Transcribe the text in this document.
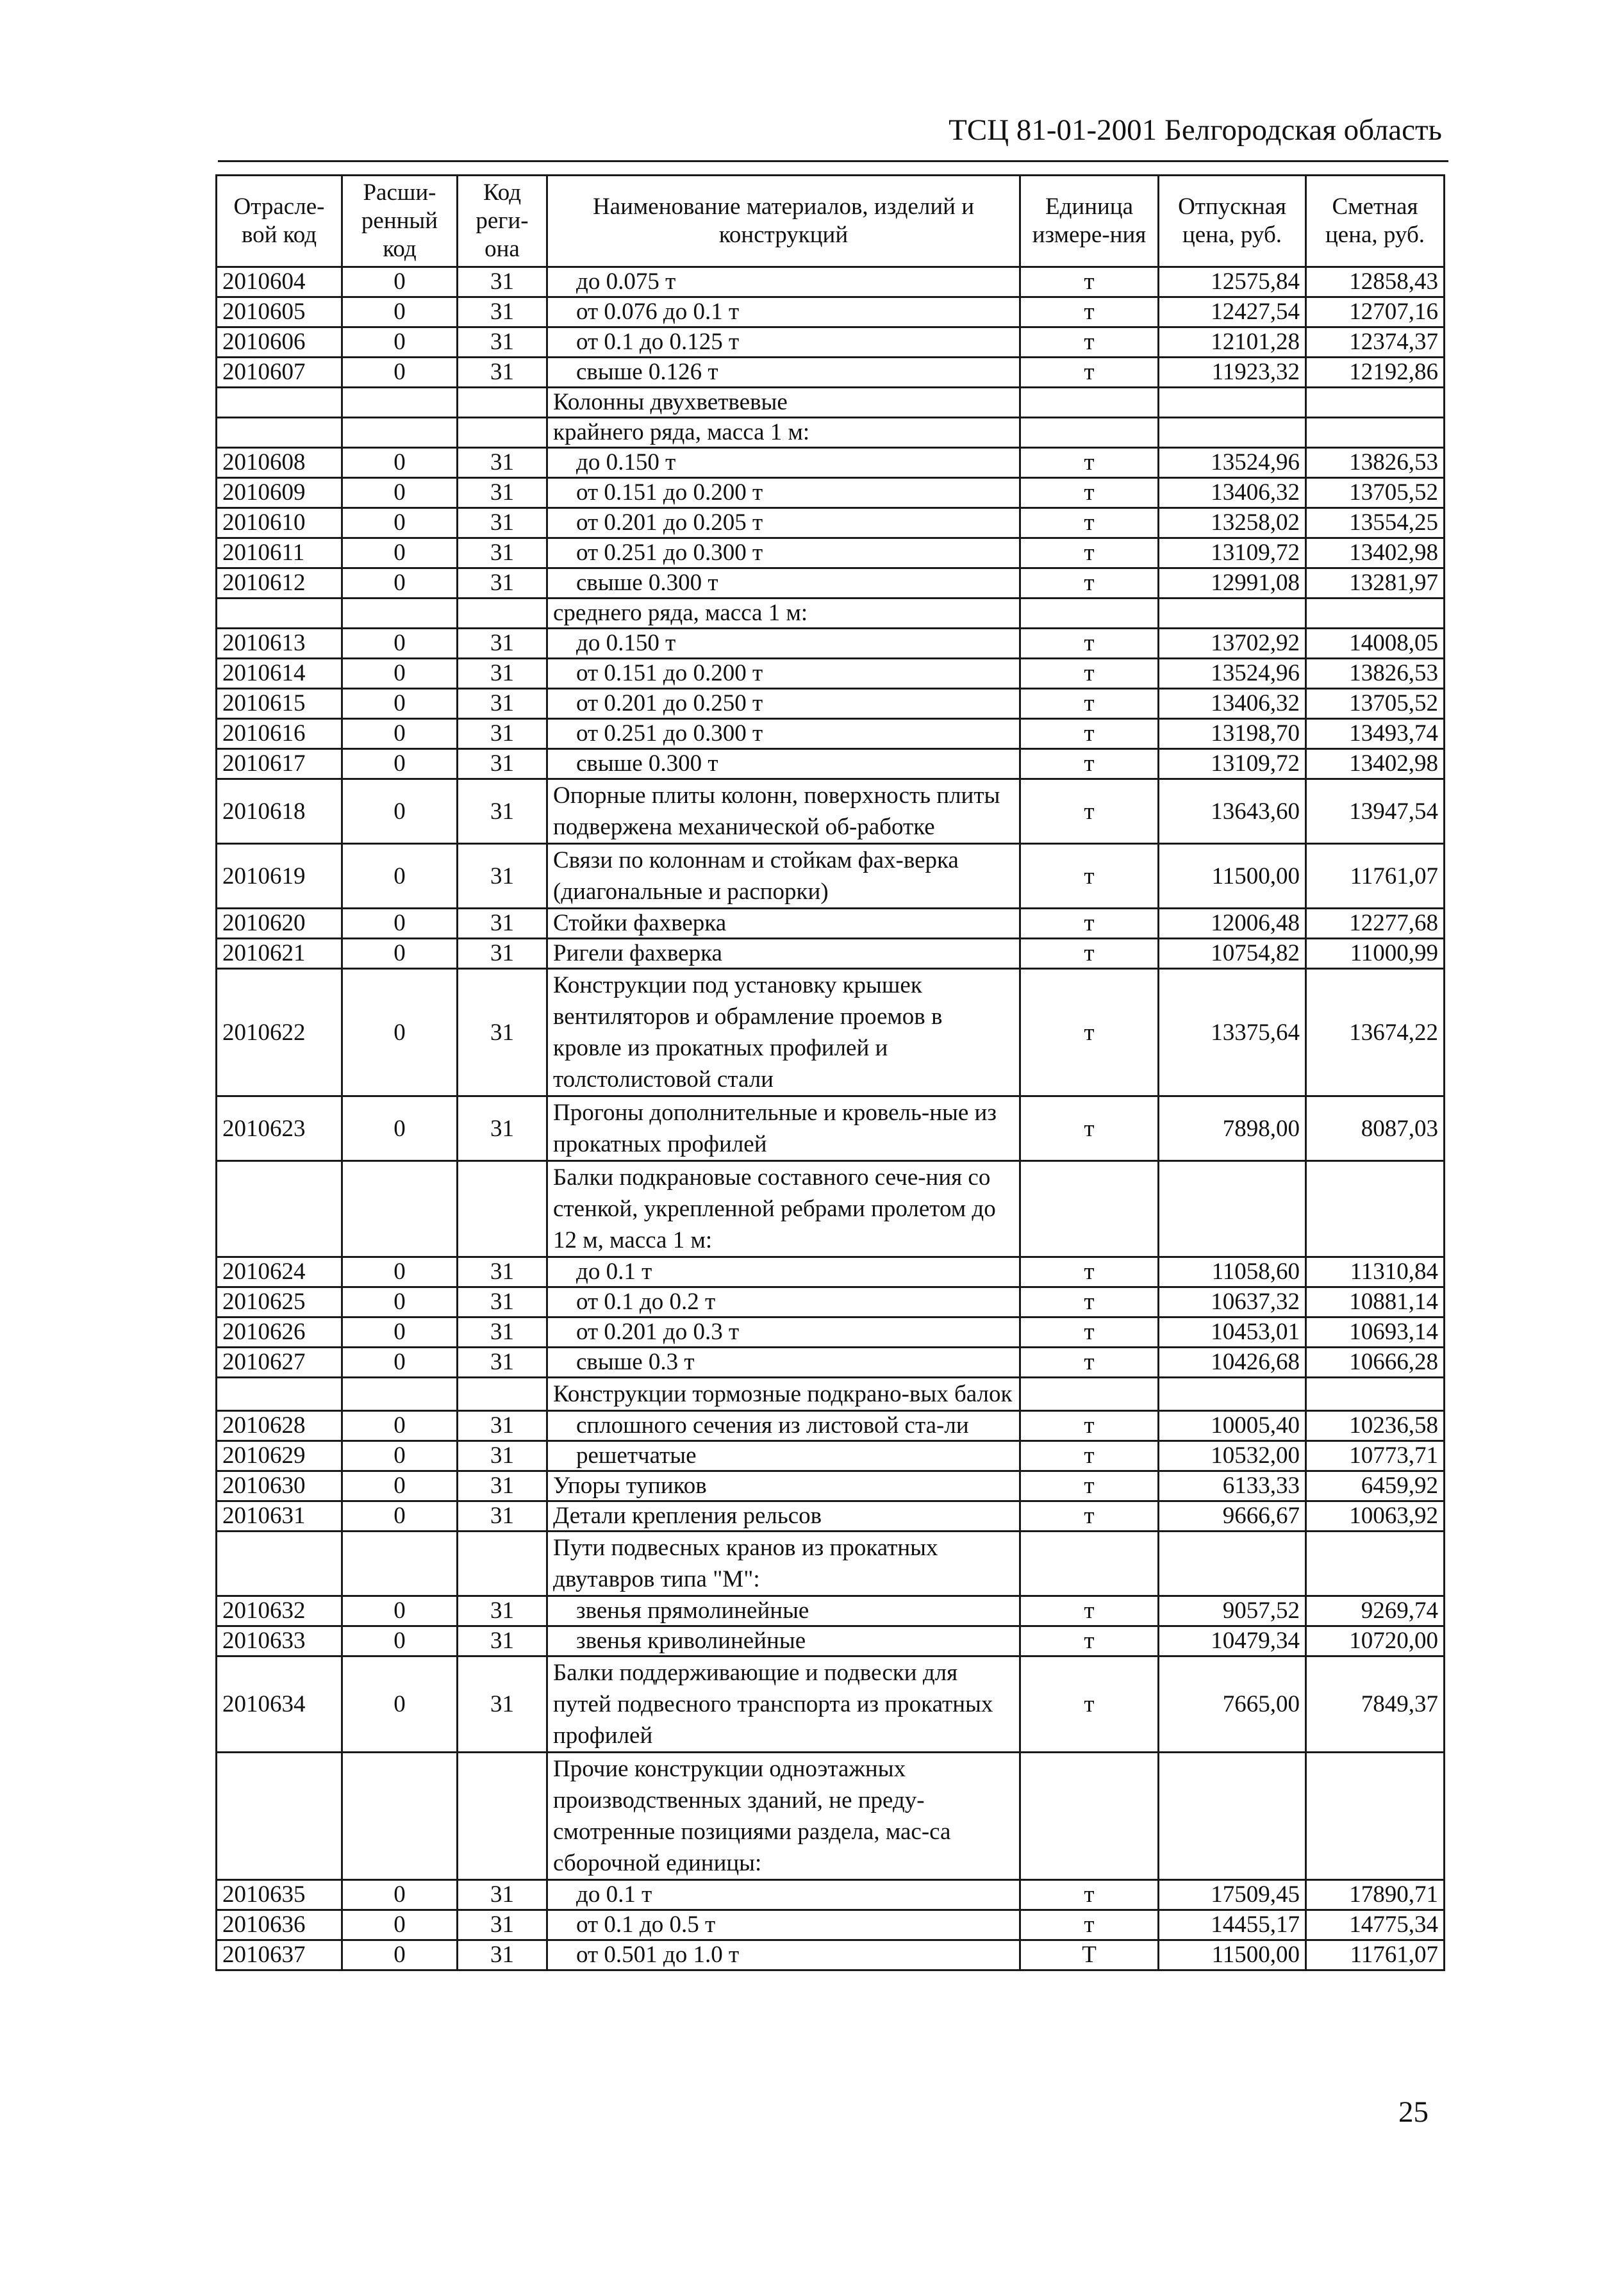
ТСЦ 81-01-2001 Белгородская область
Отрасле-вой код	Расши-ренный код	Код реги-она	Наименование материалов, изделий и конструкций	Единица измере-ния	Отпускная цена, руб.	Сметная цена, руб.
2010604	0	31	до 0.075 т	т	12575,84	12858,43
2010605	0	31	от 0.076 до 0.1 т	т	12427,54	12707,16
2010606	0	31	от 0.1 до 0.125 т	т	12101,28	12374,37
2010607	0	31	свыше 0.126 т	т	11923,32	12192,86
			Колонны двухветвевые			
			крайнего ряда, масса 1 м:			
2010608	0	31	до 0.150 т	т	13524,96	13826,53
2010609	0	31	от 0.151 до 0.200 т	т	13406,32	13705,52
2010610	0	31	от 0.201 до 0.205 т	т	13258,02	13554,25
2010611	0	31	от 0.251 до 0.300 т	т	13109,72	13402,98
2010612	0	31	свыше 0.300 т	т	12991,08	13281,97
			среднего ряда, масса 1 м:			
2010613	0	31	до 0.150 т	т	13702,92	14008,05
2010614	0	31	от 0.151 до 0.200 т	т	13524,96	13826,53
2010615	0	31	от 0.201 до 0.250 т	т	13406,32	13705,52
2010616	0	31	от 0.251 до 0.300 т	т	13198,70	13493,74
2010617	0	31	свыше 0.300 т	т	13109,72	13402,98
2010618	0	31	Опорные плиты колонн, поверхность плиты подвержена механической об-работке	т	13643,60	13947,54
2010619	0	31	Связи по колоннам и стойкам фах-верка (диагональные и распорки)	т	11500,00	11761,07
2010620	0	31	Стойки фахверка	т	12006,48	12277,68
2010621	0	31	Ригели фахверка	т	10754,82	11000,99
2010622	0	31	Конструкции под установку крышек вентиляторов и обрамление проемов в кровле из прокатных профилей и толстолистовой стали	т	13375,64	13674,22
2010623	0	31	Прогоны дополнительные и кровель-ные из прокатных профилей	т	7898,00	8087,03
			Балки подкрановые составного сече-ния со стенкой, укрепленной ребрами пролетом до 12 м, масса 1 м:			
2010624	0	31	до 0.1 т	т	11058,60	11310,84
2010625	0	31	от 0.1 до 0.2 т	т	10637,32	10881,14
2010626	0	31	от 0.201 до 0.3 т	т	10453,01	10693,14
2010627	0	31	свыше 0.3 т	т	10426,68	10666,28
			Конструкции тормозные подкрано-вых балок			
2010628	0	31	сплошного сечения из листовой ста-ли	т	10005,40	10236,58
2010629	0	31	решетчатые	т	10532,00	10773,71
2010630	0	31	Упоры тупиков	т	6133,33	6459,92
2010631	0	31	Детали крепления рельсов	т	9666,67	10063,92
			Пути подвесных кранов из прокатных двутавров типа "М":			
2010632	0	31	звенья прямолинейные	т	9057,52	9269,74
2010633	0	31	звенья криволинейные	т	10479,34	10720,00
2010634	0	31	Балки поддерживающие и подвески для путей подвесного транспорта из прокатных профилей	т	7665,00	7849,37
			Прочие конструкции одноэтажных производственных зданий, не преду-смотренные позициями раздела, мас-са сборочной единицы:			
2010635	0	31	до 0.1 т	т	17509,45	17890,71
2010636	0	31	от 0.1 до 0.5 т	т	14455,17	14775,34
2010637	0	31	от 0.501 до 1.0 т	Т	11500,00	11761,07
25
